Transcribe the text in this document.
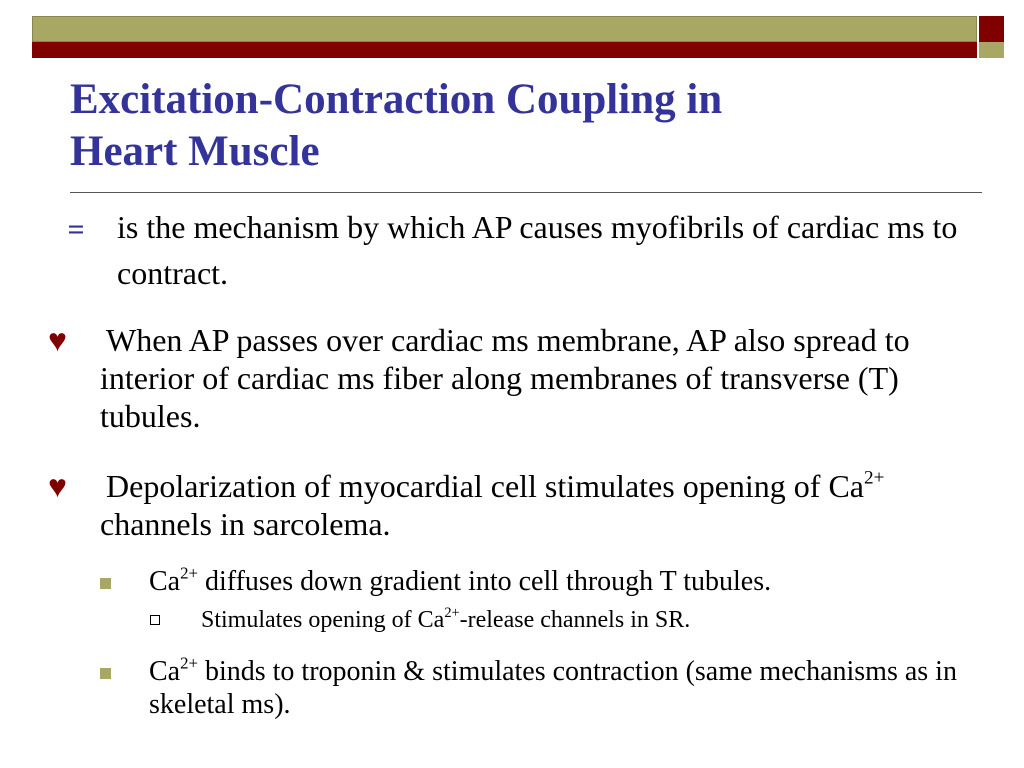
Excitation-Contraction Coupling in
Heart Muscle
= is the mechanism by which AP causes myofibrils of cardiac ms to contract.
♥ When AP passes over cardiac ms membrane, AP also spread to interior of cardiac ms fiber along membranes of transverse (T) tubules.
♥ Depolarization of myocardial cell stimulates opening of $Ca^{2+}$ channels in sarcolema.
$Ca^{2+}$ diffuses down gradient into cell through T tubules.
Stimulates opening of $Ca^{2+}$-release channels in SR.
$Ca^{2+}$ binds to troponin & stimulates contraction (same mechanisms as in skeletal ms).
